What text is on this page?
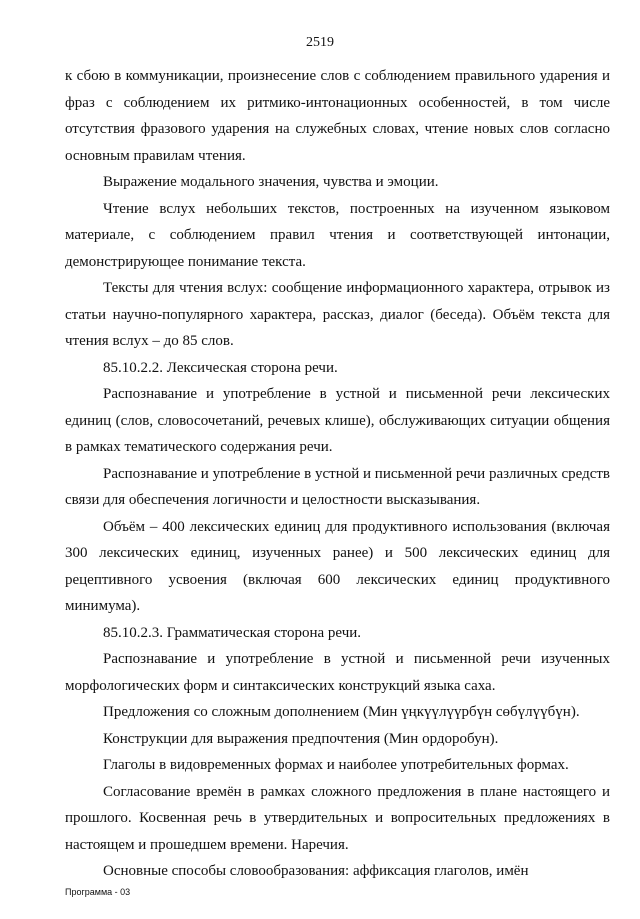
2519

к сбою в коммуникации, произнесение слов с соблюдением правильного ударения и фраз с соблюдением их ритмико-интонационных особенностей, в том числе отсутствия фразового ударения на служебных словах, чтение новых слов согласно основным правилам чтения.

Выражение модального значения, чувства и эмоции.

Чтение вслух небольших текстов, построенных на изученном языковом материале, с соблюдением правил чтения и соответствующей интонации, демонстрирующее понимание текста.

Тексты для чтения вслух: сообщение информационного характера, отрывок из статьи научно-популярного характера, рассказ, диалог (беседа). Объём текста для чтения вслух – до 85 слов.

85.10.2.2. Лексическая сторона речи.

Распознавание и употребление в устной и письменной речи лексических единиц (слов, словосочетаний, речевых клише), обслуживающих ситуации общения в рамках тематического содержания речи.

Распознавание и употребление в устной и письменной речи различных средств связи для обеспечения логичности и целостности высказывания.

Объём – 400 лексических единиц для продуктивного использования (включая 300 лексических единиц, изученных ранее) и 500 лексических единиц для рецептивного усвоения (включая 600 лексических единиц продуктивного минимума).

85.10.2.3. Грамматическая сторона речи.

Распознавание и употребление в устной и письменной речи изученных морфологических форм и синтаксических конструкций языка саха.

Предложения со сложным дополнением (Мин үңкүүлүүрбүн сөбүлүүбүн).

Конструкции для выражения предпочтения (Мин ордоробун).

Глаголы в видовременных формах и наиболее употребительных формах.

Согласование времён в рамках сложного предложения в плане настоящего и прошлого. Косвенная речь в утвердительных и вопросительных предложениях в настоящем и прошедшем времени. Наречия.

Основные способы словообразования: аффиксация глаголов, имён

Программа - 03
